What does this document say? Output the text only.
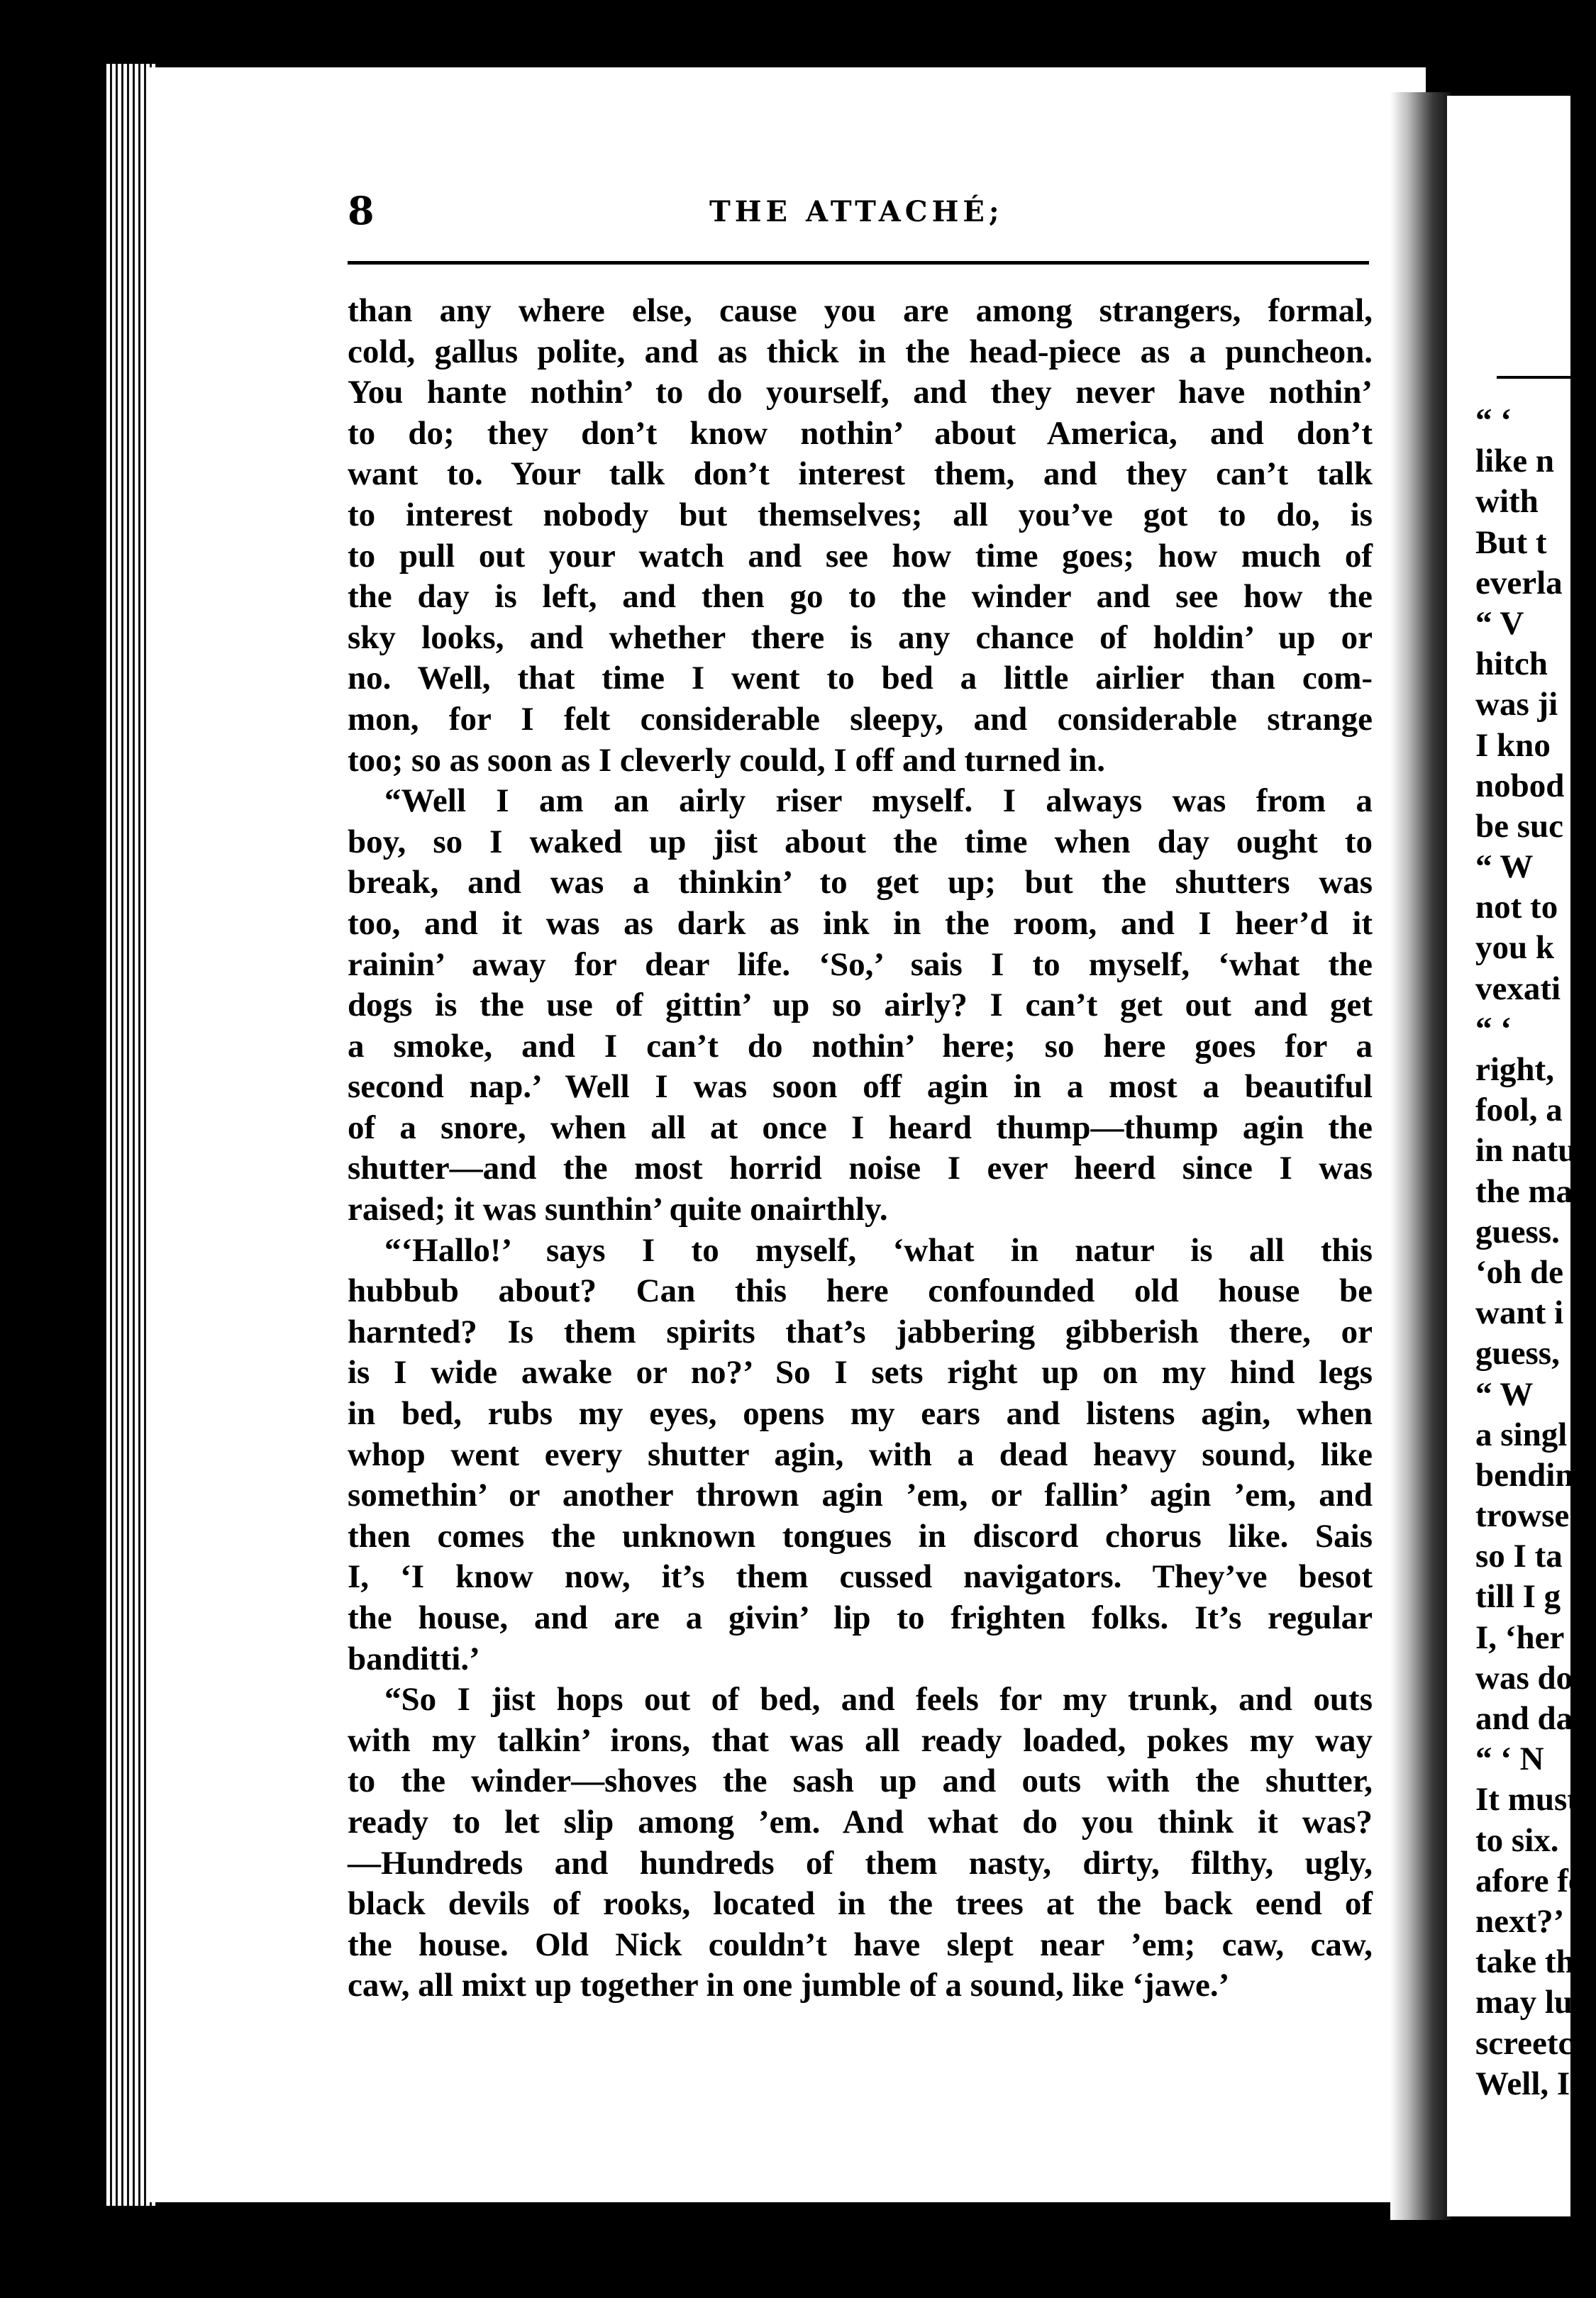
“ ‘
like n
with
But t
everla
“ V
hitch
was ji
I kno
nobod
be suc
“ W
not to
you k
vexati
“ ‘
right,
fool, a
in natu
the ma
guess.
‘oh de
want i
guess,
“ W
a singl
bendin
trowse
so I ta
till I g
I, ‘her
was do
and dar
“ ‘ N
It must
to six.
afore fe
next?’
take th
may lu
screetc
Well, I
8	THE ATTACHÉ;
than any where else, cause you are among strangers, formal,
cold, gallus polite, and as thick in the head-piece as a puncheon.
You hante nothin’ to do yourself, and they never have nothin’
to do; they don’t know nothin’ about America, and don’t
want to. Your talk don’t interest them, and they can’t talk
to interest nobody but themselves; all you’ve got to do, is
to pull out your watch and see how time goes; how much of
the day is left, and then go to the winder and see how the
sky looks, and whether there is any chance of holdin’ up or
no. Well, that time I went to bed a little airlier than com-
mon, for I felt considerable sleepy, and considerable strange
too; so as soon as I cleverly could, I off and turned in.
“Well I am an airly riser myself. I always was from a
boy, so I waked up jist about the time when day ought to
break, and was a thinkin’ to get up; but the shutters was
too, and it was as dark as ink in the room, and I heer’d it
rainin’ away for dear life. ‘So,’ sais I to myself, ‘what the
dogs is the use of gittin’ up so airly? I can’t get out and get
a smoke, and I can’t do nothin’ here; so here goes for a
second nap.’ Well I was soon off agin in a most a beautiful
of a snore, when all at once I heard thump—thump agin the
shutter—and the most horrid noise I ever heerd since I was
raised; it was sunthin’ quite onairthly.
“‘Hallo!’ says I to myself, ‘what in natur is all this
hubbub about? Can this here confounded old house be
harnted? Is them spirits that’s jabbering gibberish there, or
is I wide awake or no?’ So I sets right up on my hind legs
in bed, rubs my eyes, opens my ears and listens agin, when
whop went every shutter agin, with a dead heavy sound, like
somethin’ or another thrown agin ’em, or fallin’ agin ’em, and
then comes the unknown tongues in discord chorus like. Sais
I, ‘I know now, it’s them cussed navigators. They’ve besot
the house, and are a givin’ lip to frighten folks. It’s regular
banditti.’
“So I jist hops out of bed, and feels for my trunk, and outs
with my talkin’ irons, that was all ready loaded, pokes my way
to the winder—shoves the sash up and outs with the shutter,
ready to let slip among ’em. And what do you think it was?
—Hundreds and hundreds of them nasty, dirty, filthy, ugly,
black devils of rooks, located in the trees at the back eend of
the house. Old Nick couldn’t have slept near ’em; caw, caw,
caw, all mixt up together in one jumble of a sound, like ‘jawe.’
